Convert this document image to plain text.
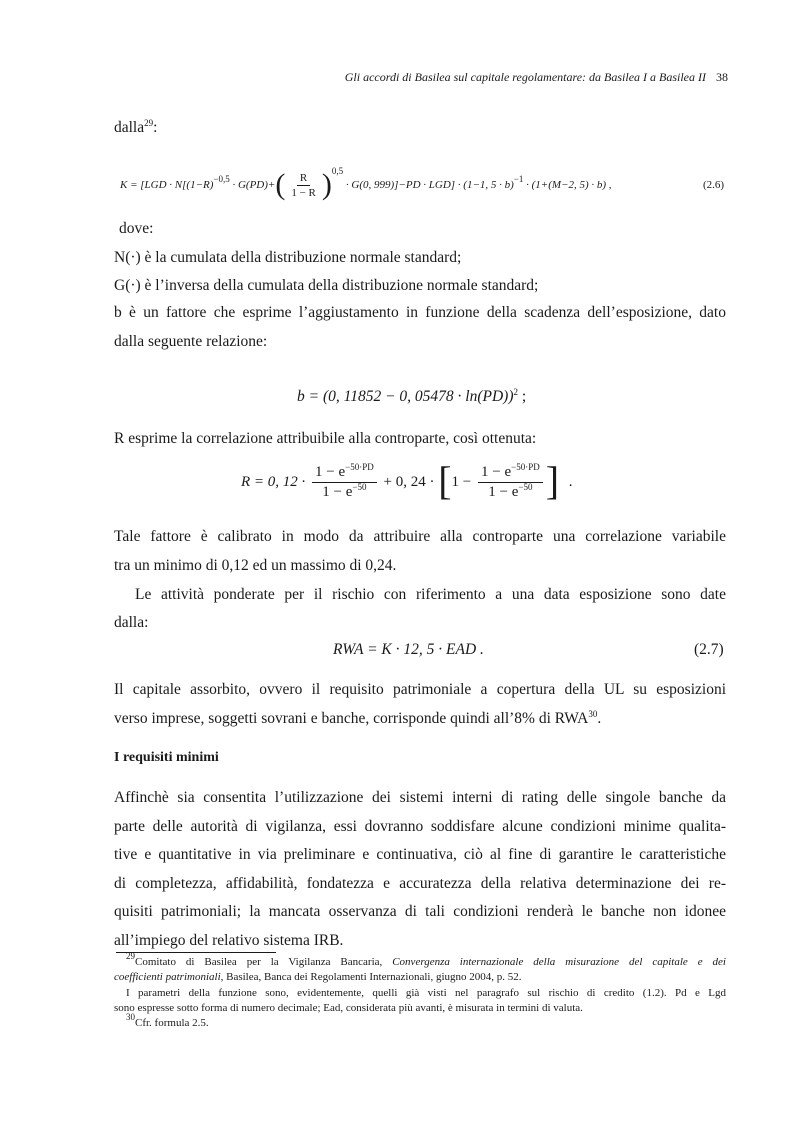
Gli accordi di Basilea sul capitale regolamentare: da Basilea I a Basilea II 38
dalla$^{29}$:
$K = [LGD \cdot N[(1-R)^{-0,5} \cdot G(PD)+( \frac{R}{1 - R} )^{0,5} \cdot G(0$, 999)]−PD · LGD] · (1−1, 5 · b)$^{-1}$ · (1+(M−2, 5) · b) ,	(2.6)
dove:
N(·) è la cumulata della distribuzione normale standard;
G(·) è l’inversa della cumulata della distribuzione normale standard;
b è un fattore che esprime l’aggiustamento in funzione della scadenza dell’esposizione, dato
dalla seguente relazione:
b = (0, 11852 − 0, 05478 · ln(PD))$^2$ ;
R esprime la correlazione attribuibile alla controparte, così ottenuta:
R = 0, $12 \cdot \frac{1 - e^{-50\cdot PD}}{1 - e^{-50}} + 0$, $24 \cdot [1 - \frac{1 - e^{-50\cdot PD}}{1 - e^{-50}}$ ] .
Tale fattore è calibrato in modo da attribuire alla controparte una correlazione variabile
tra un minimo di 0,12 ed un massimo di 0,24.
Le attività ponderate per il rischio con riferimento a una data esposizione sono date
dalla:
RWA = K · 12, 5 · EAD .	(2.7)
Il capitale assorbito, ovvero il requisito patrimoniale a copertura della UL su esposizioni
verso imprese, soggetti sovrani e banche, corrisponde quindi all’8% di RWA$^{30}$.
I requisiti minimi
Affinchè sia consentita l’utilizzazione dei sistemi interni di rating delle singole banche da
parte delle autorità di vigilanza, essi dovranno soddisfare alcune condizioni minime qualita-
tive e quantitative in via preliminare e continuativa, ciò al fine di garantire le caratteristiche
di completezza, affidabilità, fondatezza e accuratezza della relativa determinazione dei re-
quisiti patrimoniali; la mancata osservanza di tali condizioni renderà le banche non idonee
all’impiego del relativo sistema IRB.
$^{29}$Comitato di Basilea per la Vigilanza Bancaria, Convergenza internazionale della misurazione del capitale e dei
coefficienti patrimoniali, Basilea, Banca dei Regolamenti Internazionali, giugno 2004, p. 52.
I parametri della funzione sono, evidentemente, quelli già visti nel paragrafo sul rischio di credito (1.2). Pd e Lgd
sono espresse sotto forma di numero decimale; Ead, considerata più avanti, è misurata in termini di valuta.
$^{30}$Cfr. formula 2.5.
